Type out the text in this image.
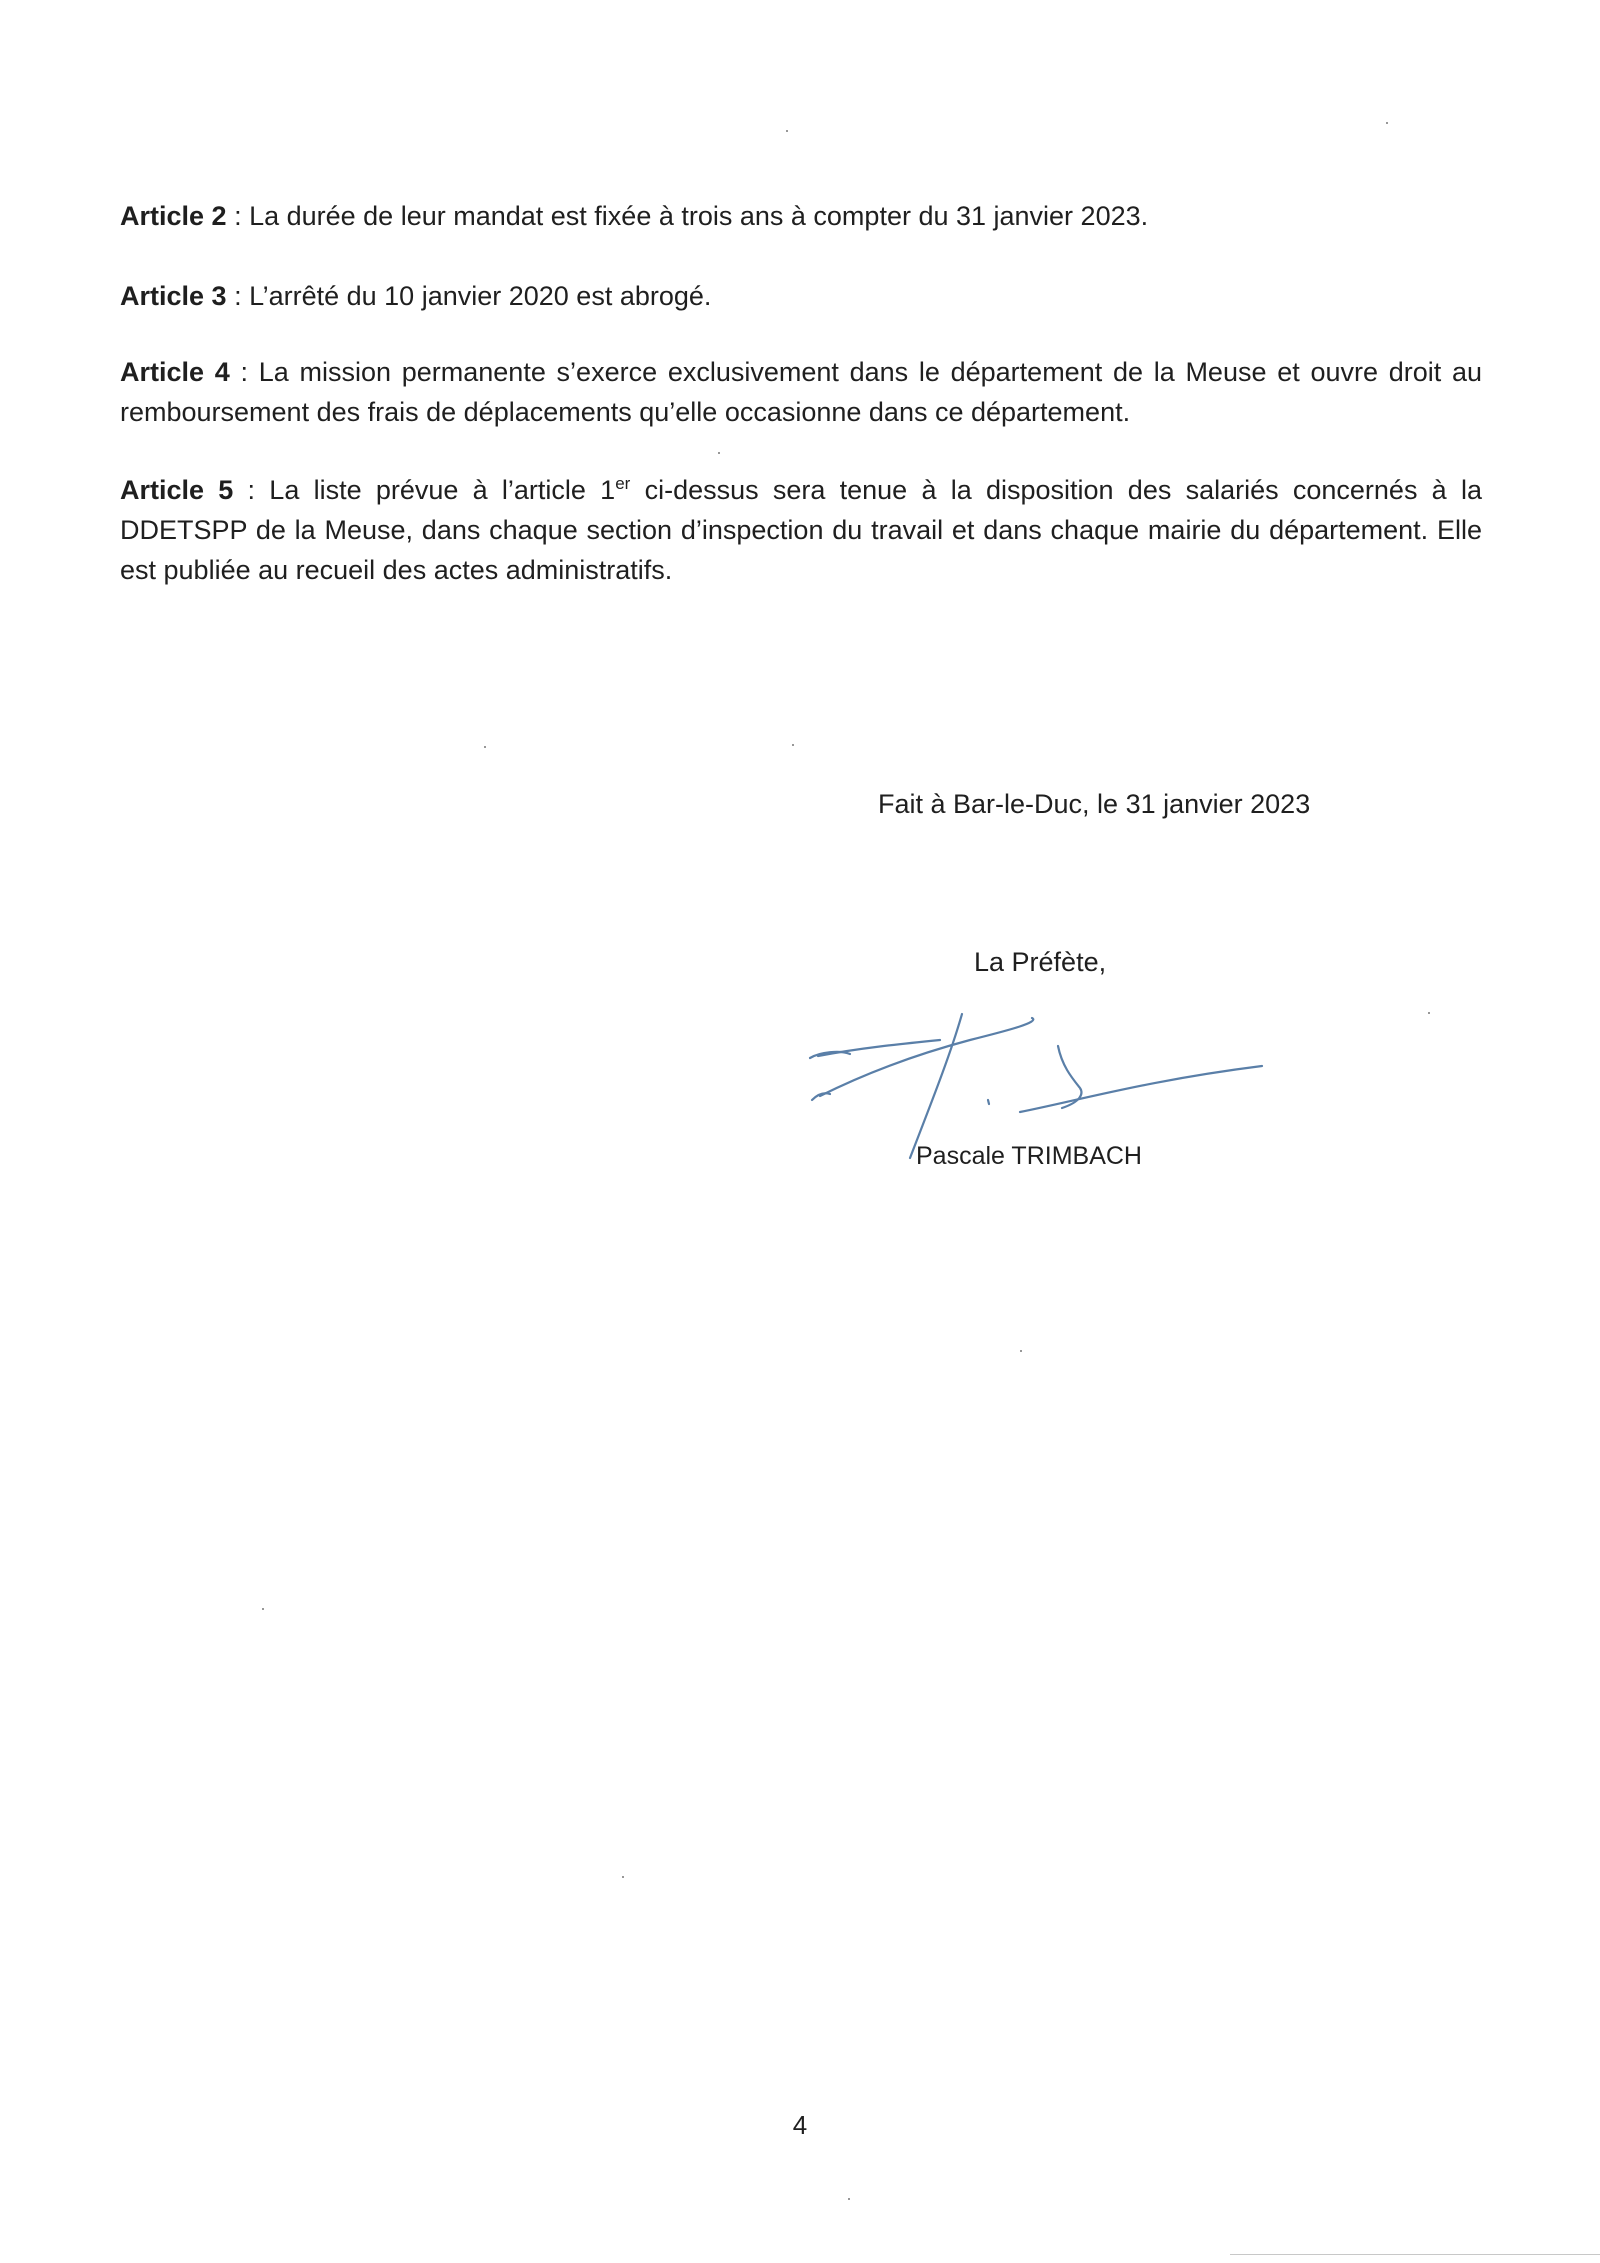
Article 2 : La durée de leur mandat est fixée à trois ans à compter du 31 janvier 2023.

Article 3 : L’arrêté du 10 janvier 2020 est abrogé.

Article 4 : La mission permanente s’exerce exclusivement dans le département de la Meuse et ouvre droit au remboursement des frais de déplacements qu’elle occasionne dans ce département.

Article 5 : La liste prévue à l’article 1er ci-dessus sera tenue à la disposition des salariés concernés à la DDETSPP de la Meuse, dans chaque section d’inspection du travail et dans chaque mairie du département. Elle est publiée au recueil des actes administratifs.

Fait à Bar-le-Duc, le 31 janvier 2023
La Préfète,
Pascale TRIMBACH
4
